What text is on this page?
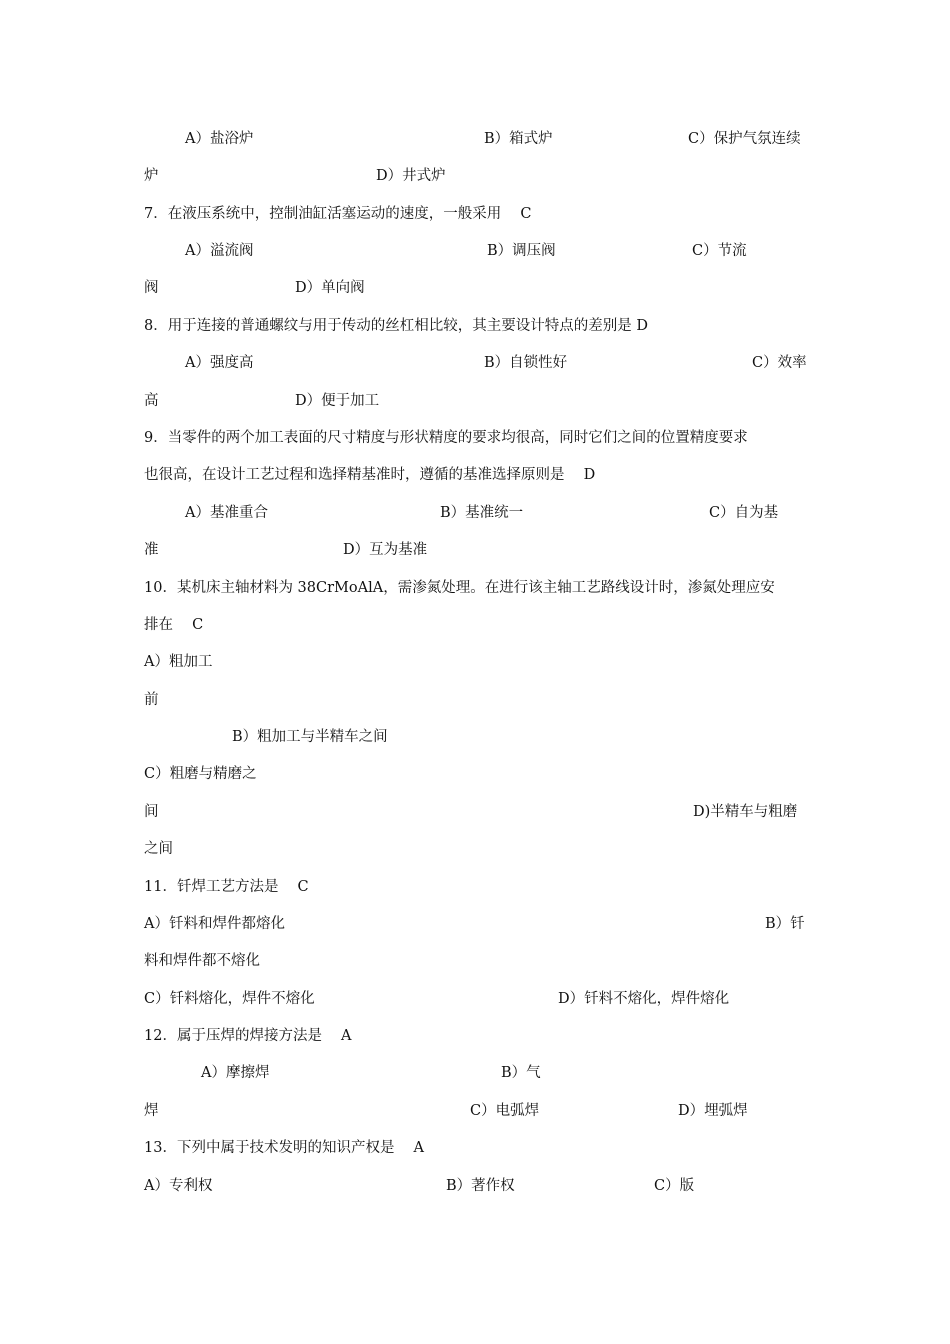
A）盐浴炉	B）箱式炉	C）保护气氛连续
炉	D）井式炉
7．在液压系统中，控制油缸活塞运动的速度，一般采用　 C
A）溢流阀	B）调压阀	C）节流
阀	D）单向阀
8．用于连接的普通螺纹与用于传动的丝杠相比较，其主要设计特点的差别是 D
A）强度高	B）自锁性好	C）效率
高	D）便于加工
9．当零件的两个加工表面的尺寸精度与形状精度的要求均很高，同时它们之间的位置精度要求
也很高，在设计工艺过程和选择精基准时，遵循的基准选择原则是　 D
A）基准重合	B）基准统一	C）自为基
准	D）互为基准
10．某机床主轴材料为 38CrMoAlA，需渗氮处理。在进行该主轴工艺路线设计时，渗氮处理应安
排在　 C
A）粗加工
前
B）粗加工与半精车之间
C）粗磨与精磨之
间	D)半精车与粗磨
之间
11．钎焊工艺方法是　 C
A）钎料和焊件都熔化	B）钎
料和焊件都不熔化
C）钎料熔化，焊件不熔化	D）钎料不熔化，焊件熔化
12．属于压焊的焊接方法是　 A
A）摩擦焊	B）气
焊	C）电弧焊	D）埋弧焊
13．下列中属于技术发明的知识产权是　 A
A）专利权	B）著作权	C）版
